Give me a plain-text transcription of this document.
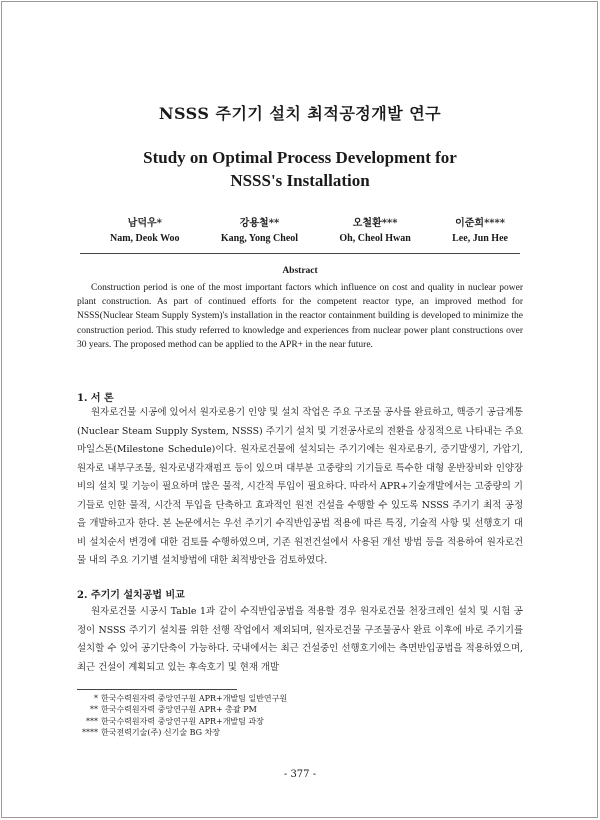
NSSS 주기기 설치 최적공정개발 연구
Study on Optimal Process Development for
NSSS's Installation
남덕우*
Nam, Deok Woo
강용철**
Kang, Yong Cheol
오철환***
Oh, Cheol Hwan
이준희****
Lee, Jun Hee
Abstract
Construction period is one of the most important factors which influence on cost and quality in nuclear power plant construction. As part of continued efforts for the competent reactor type, an improved method for NSSS(Nuclear Steam Supply System)'s installation in the reactor containment building is developed to minimize the construction period. This study referred to knowledge and experiences from nuclear power plant constructions over 30 years. The proposed method can be applied to the APR+ in the near future.
1. 서 론
원자로건물 시공에 있어서 원자로용기 인양 및 설치 작업은 주요 구조물 공사를 완료하고, 핵증기 공급계통(Nuclear Steam Supply System, NSSS) 주기기 설치 및 기전공사로의 전환을 상징적으로 나타내는 주요 마일스톤(Milestone Schedule)이다. 원자로건물에 설치되는 주기기에는 원자로용기, 증기발생기, 가압기, 원자로 내부구조물, 원자로냉각재펌프 등이 있으며 대부분 고중량의 기기들로 특수한 대형 운반장비와 인양장비의 설치 및 기능이 필요하며 많은 물적, 시간적 투입이 필요하다. 따라서 APR+기술개발에서는 고중량의 기기들로 인한 물적, 시간적 투입을 단축하고 효과적인 원전 건설을 수행할 수 있도록 NSSS 주기기 최적 공정을 개발하고자 한다. 본 논문에서는 우선 주기기 수직반입공법 적용에 따른 특징, 기술적 사항 및 선행호기 대비 설치순서 변경에 대한 검토를 수행하였으며, 기존 원전건설에서 사용된 개선 방법 등을 적용하여 원자로건물 내의 주요 기기별 설치방법에 대한 최적방안을 검토하였다.
2. 주기기 설치공법 비교
원자로건물 시공시 Table 1과 같이 수직반입공법을 적용할 경우 원자로건물 천장크레인 설치 및 시험 공정이 NSSS 주기기 설치를 위한 선행 작업에서 제외되며, 원자로건물 구조물공사 완료 이후에 바로 주기기를 설치할 수 있어 공기단축이 가능하다. 국내에서는 최근 건설중인 선행호기에는 측면반입공법을 적용하였으며, 최근 건설이 계획되고 있는 후속호기 및 현재 개발
* 한국수력원자력 중앙연구원 APR+개발팀 일반연구원
** 한국수력원자력 중앙연구원 APR+ 총괄 PM
*** 한국수력원자력 중앙연구원 APR+개발팀 과장
**** 한국전력기술(주) 신기술 BG 차장
- 377 -
